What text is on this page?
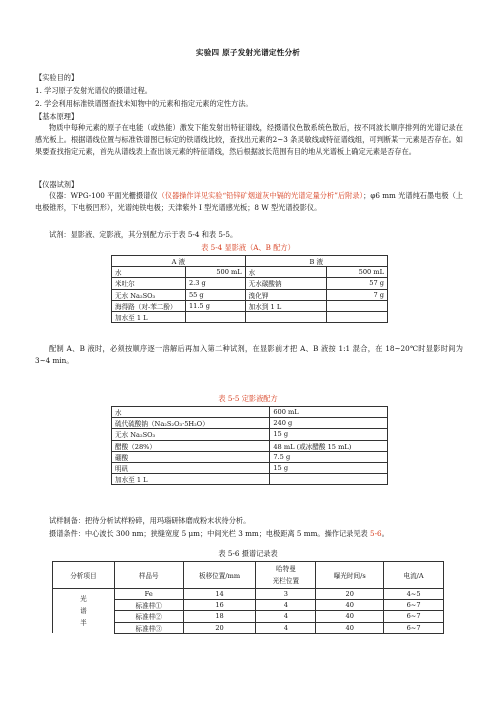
实验四 原子发射光谱定性分析
【实验目的】
1. 学习原子发射光谱仪的摄谱过程。
2. 学会利用标准铁谱图查找未知物中的元素和指定元素的定性方法。
【基本原理】
物质中每种元素的原子在电能（或热能）激发下能发射出特征谱线，经摄谱仪色散系统色散后，按不同波长顺序排列的光谱记录在感光板上。根据谱线位置与标准铁谱图已标定的铁谱线比较，查找出元素的2~3 条灵敏线或特征谱线组，可判断某一元素是否存在。如果要查找指定元素，首先从谱线表上查出该元素的特征谱线，然后根据波长范围有目的地从光谱板上确定元素是否存在。
【仪器试剂】
仪器：WPG-100 平面光栅摄谱仪（仪器操作详见实验“铅锌矿烟道灰中镉的光谱定量分析”后附录）；φ6 mm 光谱纯石墨电极（上电极锥形，下电极凹形），光谱纯铁电极；天津紫外 I 型光谱感光板；8 W 型光谱投影仪。
试剂：显影液、定影液，其分别配方示于表 5-4 和表 5-5。
表 5-4 显影液（A、B 配方）
A 液		B 液	
水	500 mL	水	500 mL
米吐尔	2.3 g	无水碳酸钠	57 g
无水 Na₂SO₃	55 g	溴化钾	7 g
海得路（对-苯二酚）	11.5 g	加水到 1 L	
加水至 1 L			
配制 A、B 液时，必须按顺序逐一溶解后再加入第二种试剂，在显影前才把 A、B 液按 1:1 混合，在 18~20℃时显影时间为 3~4 min。
表 5-5 定影液配方
水	600 mL
硫代硫酸钠（Na₂S₂O₃·5H₂O）	240 g
无水 Na₂SO₃	15 g
醋酸（28%）	48 mL (或冰醋酸 15 mL)
硼酸	7.5 g
明矾	15 g
加水至 1 L	
试样制备：把待分析试样粉碎，用玛瑙研钵磨成粉末状待分析。
摄谱条件：中心波长 300 nm；狭缝宽度 5 μm；中间光栏 3 mm；电极距离 5 mm。操作记录见表 5-6。
表 5-6 摄谱记录表
分析项目	样品号	板移位置/mm	哈特曼
光栏位置	曝光时间/s	电流/A

光
谱
半	Fe	14	3	20	4~5
	标准样①	16	4	40	6~7
	标准样②	18	4	40	6~7
	标准样③	20	4	40	6~7
